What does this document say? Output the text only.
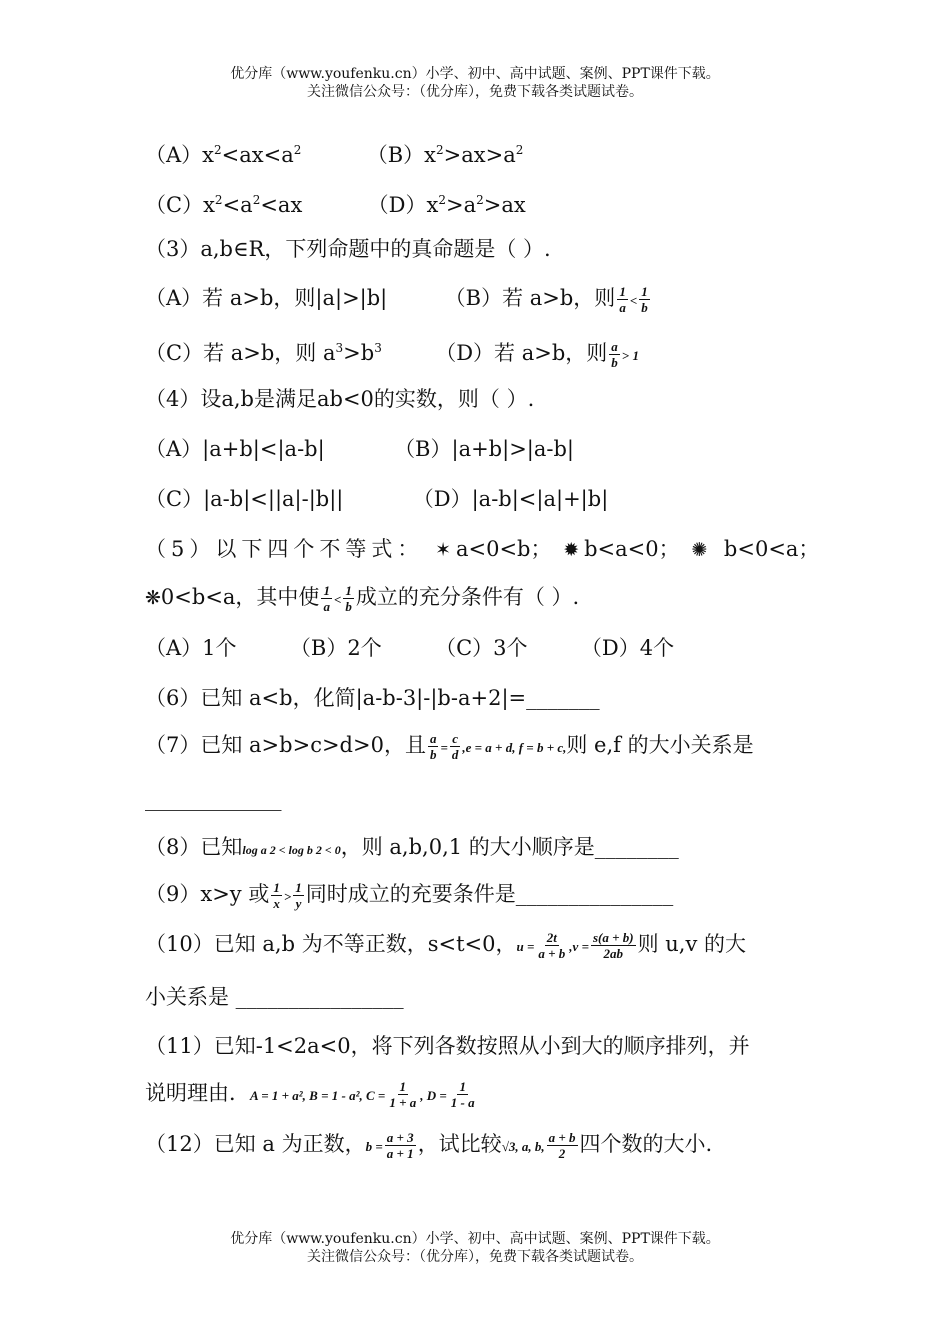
优分库（www.youfenku.cn）小学、初中、高中试题、案例、PPT课件下载。
关注微信公众号：（优分库），免费下载各类试题试卷。
$(A)x^2<ax<a^2$	$(B)x^2>ax>a^2$
$(C)x^2<a^2<ax$	$(D)x^2>a^2>ax$
（3）a,b∈R，下列命题中的真命题是（ ）.
（A）若 a>b，则|a|>|b|	（B）若 a>b，则 $\frac{1}{a} < \frac{1}{b}$
（C）若 a>b，则 $a^3>b^3$	（D）若 a>b，则 $\frac{a}{b} > 1$
（4）设a,b是满足ab<0的实数，则（ ）.
（A）|a+b|<|a-b|	（B）|a+b|>|a-b|
（C）|a-b|<||a|-|b||	（D）|a-b|<|a|+|b|
（5）以下四个不等式： ✶a<0<b； ✹b<a<0； ✺ b<0<a；
❋0<b<a，其中使 $\frac{1}{a} < \frac{1}{b}$ 成立的充分条件有（ ）.
（A）1个	（B）2个	（C）3个	（D）4个
（6）已知 a<b，化简|a-b-3|-|b-a+2|=_______
（7）已知 a>b>c>d>0，且 $\frac{a}{b} = \frac{c}{d} ,e = a + d$, f = b + c,则 e,f 的大小关系是
_____________
（8）已知log a 2 < log b 2 < 0，则 a,b,0,1 的大小顺序是________
（9）x>y 或 $\frac{1}{x} > \frac{1}{y}$ 同时成立的充要条件是_______________
（10）已知 a,b 为不等正数，s<t<0，$u = \frac{2t}{a + b} ,v = \frac{s(a + b)}{2ab}$ 则 u,v 的大
小关系是 ________________
（11）已知-1<2a<0，将下列各数按照从小到大的顺序排列，并
说明理由．A = 1 + a², B = 1 - a², $C = \frac{1}{1 + a}$ , $D = \frac{1}{1 - a}$
（12）已知 a 为正数，$b = \frac{a + 3}{a + 1}$ ，试比较√3, a, b, $\frac{a + b}{2}$ 四个数的大小.
优分库（www.youfenku.cn）小学、初中、高中试题、案例、PPT课件下载。
关注微信公众号：（优分库），免费下载各类试题试卷。
